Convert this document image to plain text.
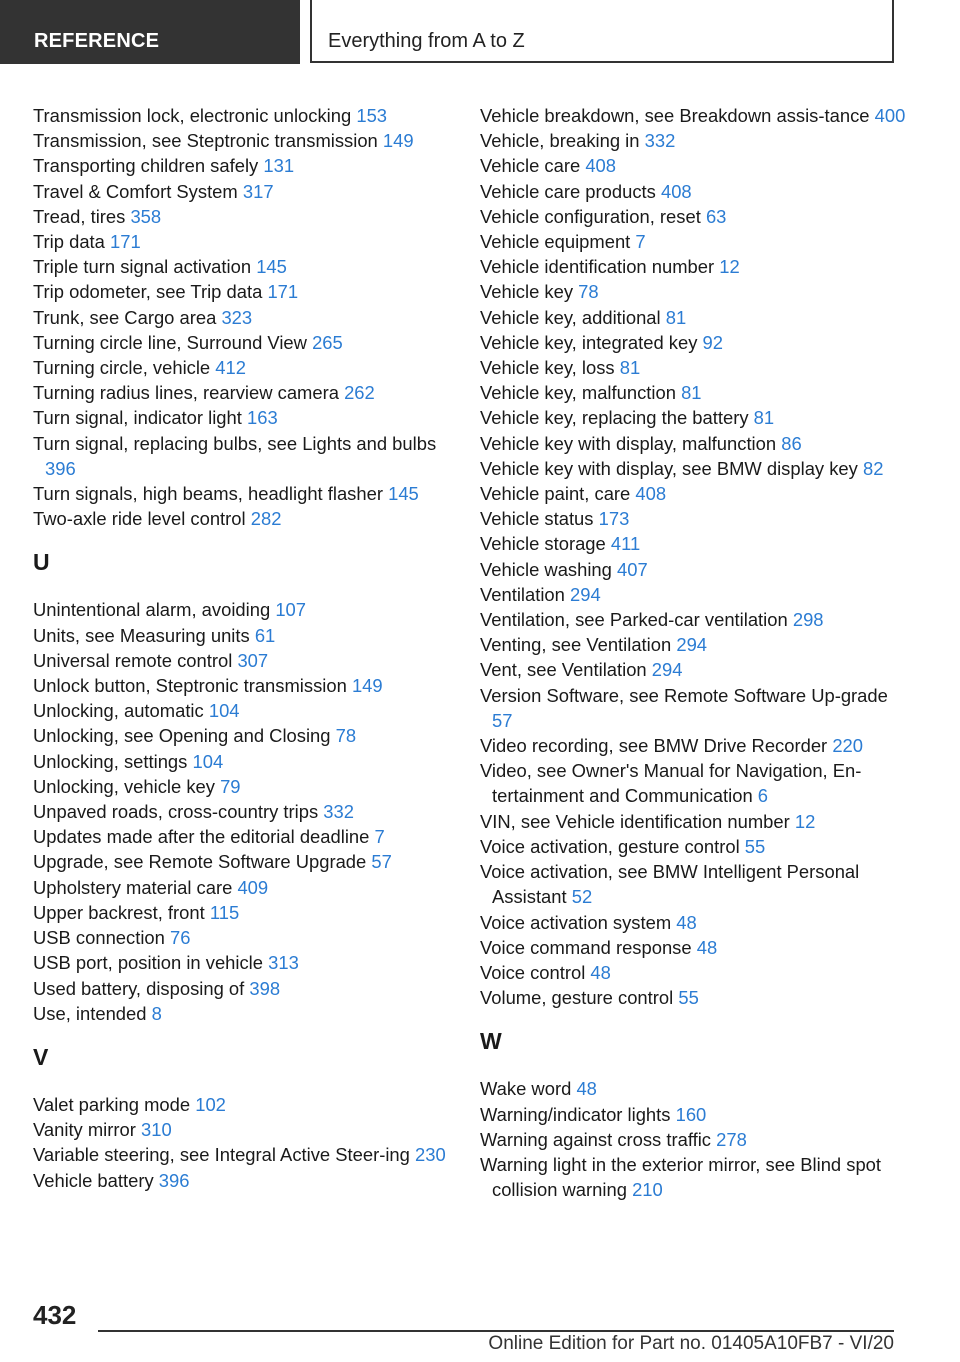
REFERENCE	Everything from A to Z
Transmission lock, electronic unlocking 153
Transmission, see Steptronic transmission 149
Transporting children safely 131
Travel & Comfort System 317
Tread, tires 358
Trip data 171
Triple turn signal activation 145
Trip odometer, see Trip data 171
Trunk, see Cargo area 323
Turning circle line, Surround View 265
Turning circle, vehicle 412
Turning radius lines, rearview camera 262
Turn signal, indicator light 163
Turn signal, replacing bulbs, see Lights and bulbs 396
Turn signals, high beams, headlight flasher 145
Two-axle ride level control 282
U
Unintentional alarm, avoiding 107
Units, see Measuring units 61
Universal remote control 307
Unlock button, Steptronic transmission 149
Unlocking, automatic 104
Unlocking, see Opening and Closing 78
Unlocking, settings 104
Unlocking, vehicle key 79
Unpaved roads, cross-country trips 332
Updates made after the editorial deadline 7
Upgrade, see Remote Software Upgrade 57
Upholstery material care 409
Upper backrest, front 115
USB connection 76
USB port, position in vehicle 313
Used battery, disposing of 398
Use, intended 8
V
Valet parking mode 102
Vanity mirror 310
Variable steering, see Integral Active Steer-ing 230
Vehicle battery 396
Vehicle breakdown, see Breakdown assis-tance 400
Vehicle, breaking in 332
Vehicle care 408
Vehicle care products 408
Vehicle configuration, reset 63
Vehicle equipment 7
Vehicle identification number 12
Vehicle key 78
Vehicle key, additional 81
Vehicle key, integrated key 92
Vehicle key, loss 81
Vehicle key, malfunction 81
Vehicle key, replacing the battery 81
Vehicle key with display, malfunction 86
Vehicle key with display, see BMW display key 82
Vehicle paint, care 408
Vehicle status 173
Vehicle storage 411
Vehicle washing 407
Ventilation 294
Ventilation, see Parked-car ventilation 298
Venting, see Ventilation 294
Vent, see Ventilation 294
Version Software, see Remote Software Up-grade 57
Video recording, see BMW Drive Recorder 220
Video, see Owner's Manual for Navigation, En-tertainment and Communication 6
VIN, see Vehicle identification number 12
Voice activation, gesture control 55
Voice activation, see BMW Intelligent Personal Assistant 52
Voice activation system 48
Voice command response 48
Voice control 48
Volume, gesture control 55
W
Wake word 48
Warning/indicator lights 160
Warning against cross traffic 278
Warning light in the exterior mirror, see Blind spot collision warning 210
432
Online Edition for Part no. 01405A10FB7 - VI/20
